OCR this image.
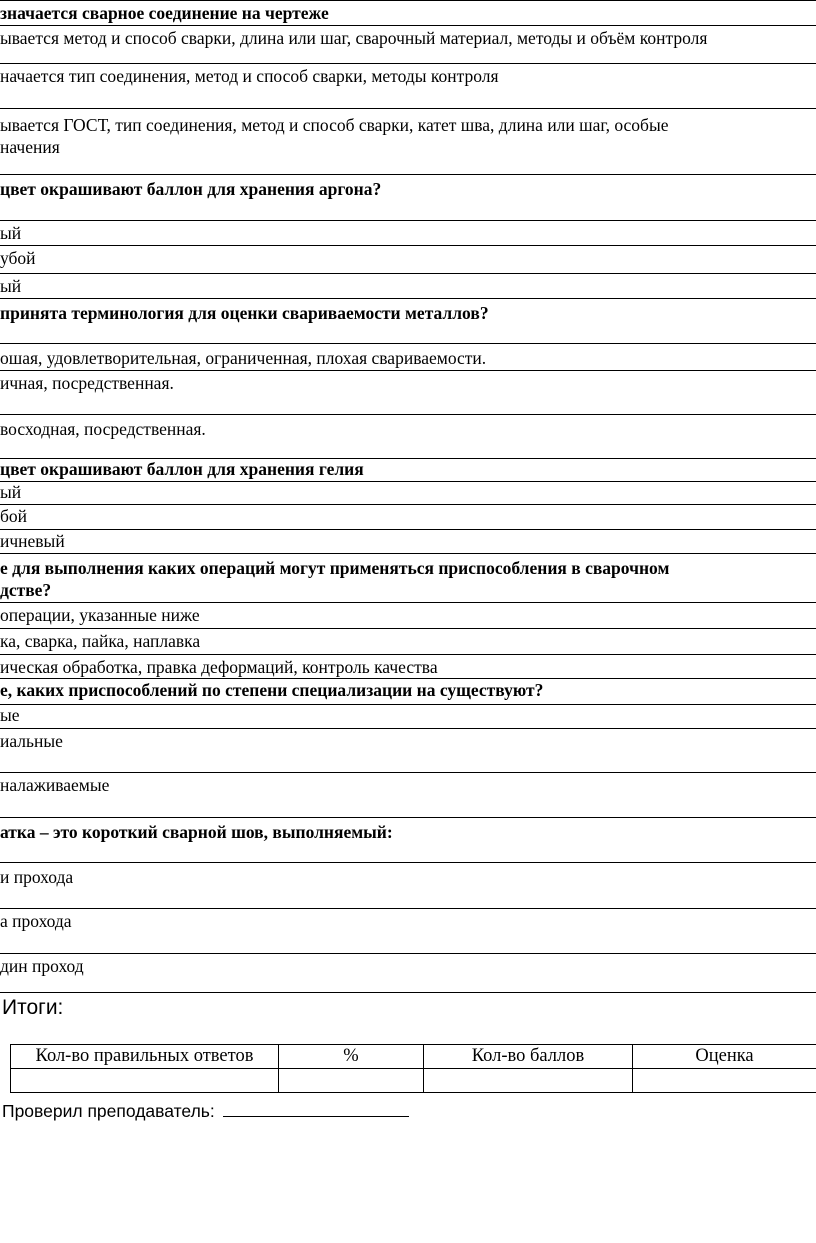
значается сварное соединение на чертеже
ывается метод и способ сварки, длина или шаг, сварочный материал, методы и объём контроля
начается тип соединения, метод и способ сварки, методы контроля
ывается ГОСТ, тип соединения, метод и способ сварки, катет шва, длина или шаг, особые
начения
цвет окрашивают баллон для хранения аргона?
ый
убой
ый
принята терминология для оценки свариваемости металлов?
ошая, удовлетворительная, ограниченная, плохая свариваемости.
ичная, посредственная.
восходная, посредственная.
цвет окрашивают баллон для хранения гелия
ый
бой
ичневый
е для выполнения каких операций могут применяться приспособления в сварочном
дстве?
операции, указанные ниже
ка, сварка, пайка, наплавка
ическая обработка, правка деформаций, контроль качества
е, каких приспособлений по степени специализации на существуют?
ые
иальные
налаживаемые
атка – это короткий сварной шов, выполняемый:
и прохода
а прохода
дин проход
Итоги:
Кол-во правильных ответов	%	Кол-во баллов	Оценка

Проверил преподаватель:
